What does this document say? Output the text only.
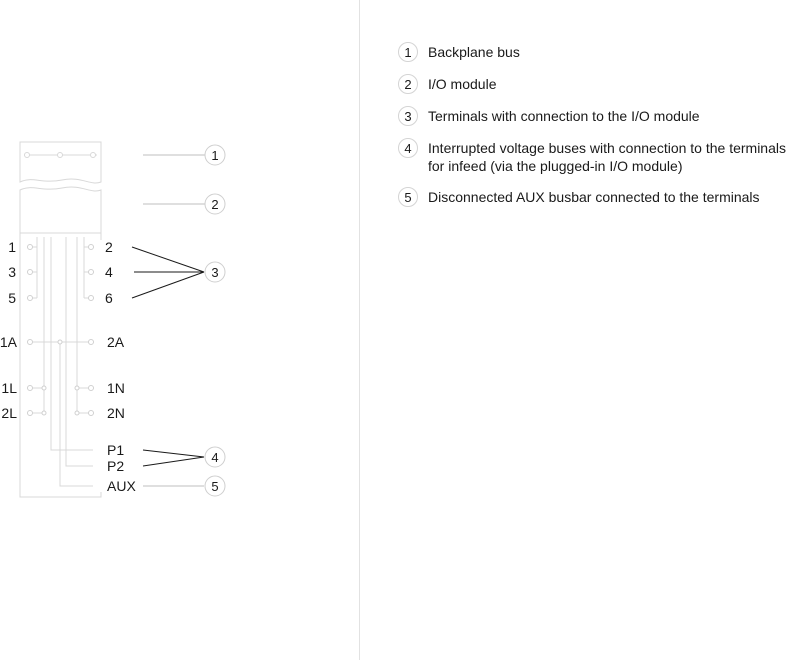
1
3
5
2
4
6
1A	2A
1L
2L
1N
2N
P1
P2
AUX
1
2
3
4
5
1	Backplane bus
2	I/O module
3	Terminals with connection to the I/O module
4	Interrupted voltage buses with connection to the terminals for infeed (via the plugged-in I/O module)
5	Disconnected AUX busbar connected to the terminals
